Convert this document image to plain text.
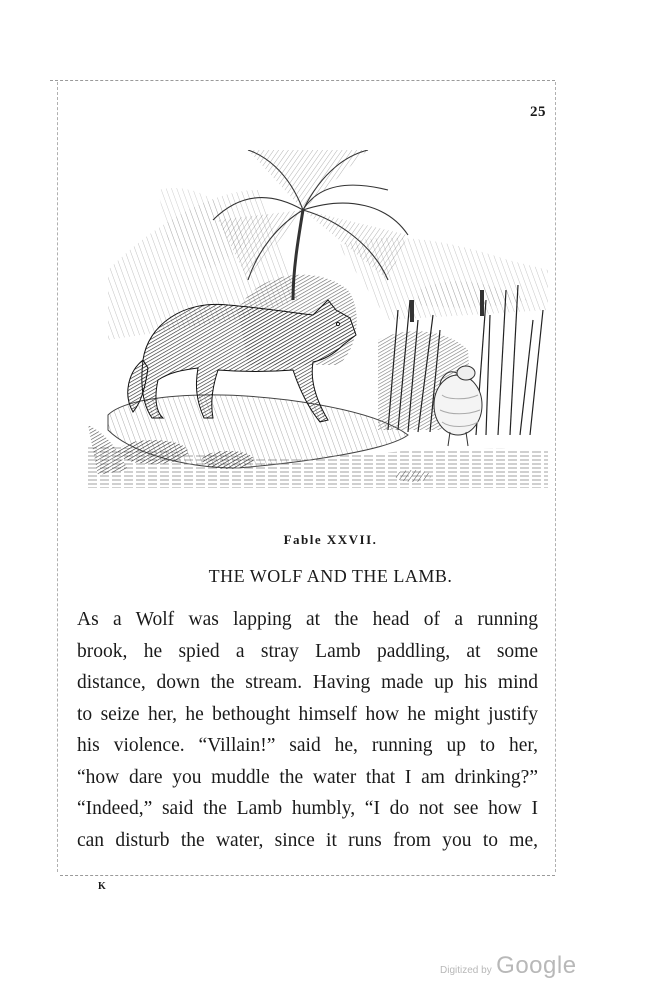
25
Fable XXVII.
THE WOLF AND THE LAMB.
As a Wolf was lapping at the head of a running
brook, he spied a stray Lamb paddling, at some
distance, down the stream. Having made up his mind
to seize her, he bethought himself how he might justify
his violence. “Villain!” said he, running up to her,
“how dare you muddle the water that I am drinking?”
“Indeed,” said the Lamb humbly, “I do not see how I
can disturb the water, since it runs from you to me,
K
Digitized by Google
